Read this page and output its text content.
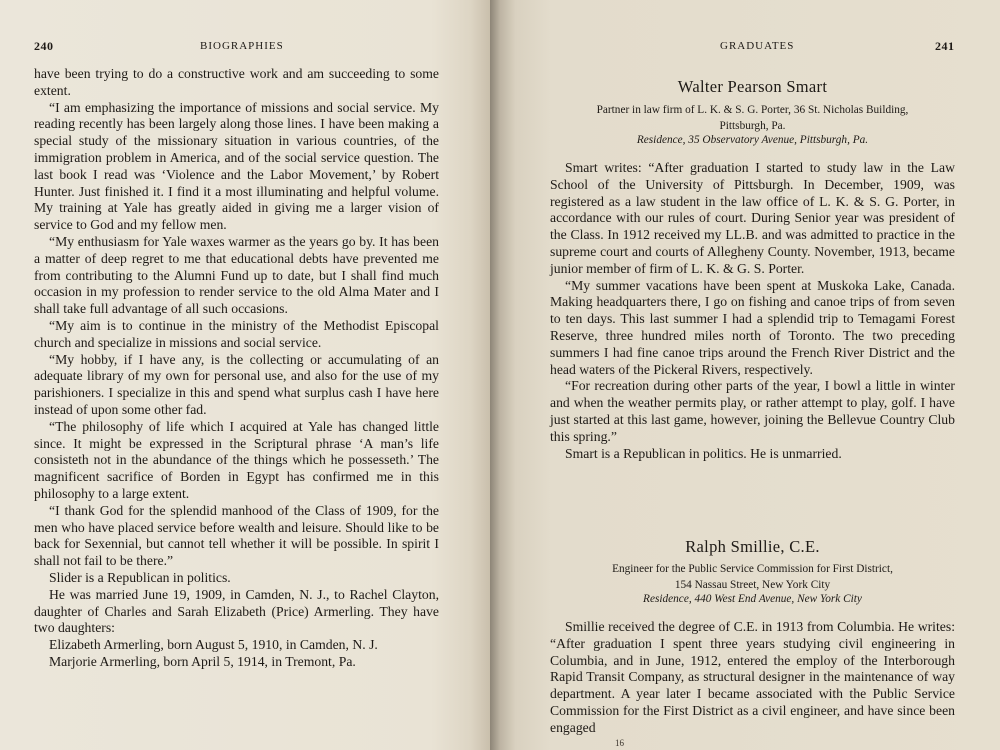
240	BIOGRAPHIES

have been trying to do a constructive work and am succeeding to some extent.

“I am emphasizing the importance of missions and social service. My reading recently has been largely along those lines. I have been making a special study of the missionary situation in various countries, of the immigration problem in America, and of the social service question. The last book I read was ‘Violence and the Labor Movement,’ by Robert Hunter. Just finished it. I find it a most illuminating and helpful volume. My training at Yale has greatly aided in giving me a larger vision of service to God and my fellow men.

“My enthusiasm for Yale waxes warmer as the years go by. It has been a matter of deep regret to me that educational debts have prevented me from contributing to the Alumni Fund up to date, but I shall find much occasion in my profession to render service to the old Alma Mater and I shall take full advantage of all such occasions.

“My aim is to continue in the ministry of the Methodist Episcopal church and specialize in missions and social service.

“My hobby, if I have any, is the collecting or accumulating of an adequate library of my own for personal use, and also for the use of my parishioners. I specialize in this and spend what surplus cash I have here instead of upon some other fad.

“The philosophy of life which I acquired at Yale has changed little since. It might be expressed in the Scriptural phrase ‘A man’s life consisteth not in the abundance of the things which he possesseth.’ The magnificent sacrifice of Borden in Egypt has confirmed me in this philosophy to a large extent.

“I thank God for the splendid manhood of the Class of 1909, for the men who have placed service before wealth and leisure. Should like to be back for Sexennial, but cannot tell whether it will be possible. In spirit I shall not fail to be there.”

Slider is a Republican in politics.

He was married June 19, 1909, in Camden, N. J., to Rachel Clayton, daughter of Charles and Sarah Elizabeth (Price) Armerling. They have two daughters:

Elizabeth Armerling, born August 5, 1910, in Camden, N. J.

Marjorie Armerling, born April 5, 1914, in Tremont, Pa.

GRADUATES	241
Walter Pearson Smart
Partner in law firm of L. K. & S. G. Porter, 36 St. Nicholas Building,
Pittsburgh, Pa.
Residence, 35 Observatory Avenue, Pittsburgh, Pa.

Smart writes: “After graduation I started to study law in the Law School of the University of Pittsburgh. In December, 1909, was registered as a law student in the law office of L. K. & S. G. Porter, in accordance with our rules of court. During Senior year was president of the Class. In 1912 received my LL.B. and was admitted to practice in the supreme court and courts of Allegheny County. November, 1913, became junior member of firm of L. K. & G. S. Porter.

“My summer vacations have been spent at Muskoka Lake, Canada. Making headquarters there, I go on fishing and canoe trips of from seven to ten days. This last summer I had a splendid trip to Temagami Forest Reserve, three hundred miles north of Toronto. The two preceding summers I had fine canoe trips around the French River District and the head waters of the Pickeral Rivers, respectively.

“For recreation during other parts of the year, I bowl a little in winter and when the weather permits play, or rather attempt to play, golf. I have just started at this last game, however, joining the Bellevue Country Club this spring.”

Smart is a Republican in politics. He is unmarried.

Ralph Smillie, C.E.
Engineer for the Public Service Commission for First District,
154 Nassau Street, New York City
Residence, 440 West End Avenue, New York City

Smillie received the degree of C.E. in 1913 from Columbia. He writes: “After graduation I spent three years studying civil engineering in Columbia, and in June, 1912, entered the employ of the Interborough Rapid Transit Company, as structural designer in the maintenance of way department. A year later I became associated with the Public Service Commission for the First District as a civil engineer, and have since been engaged

16
